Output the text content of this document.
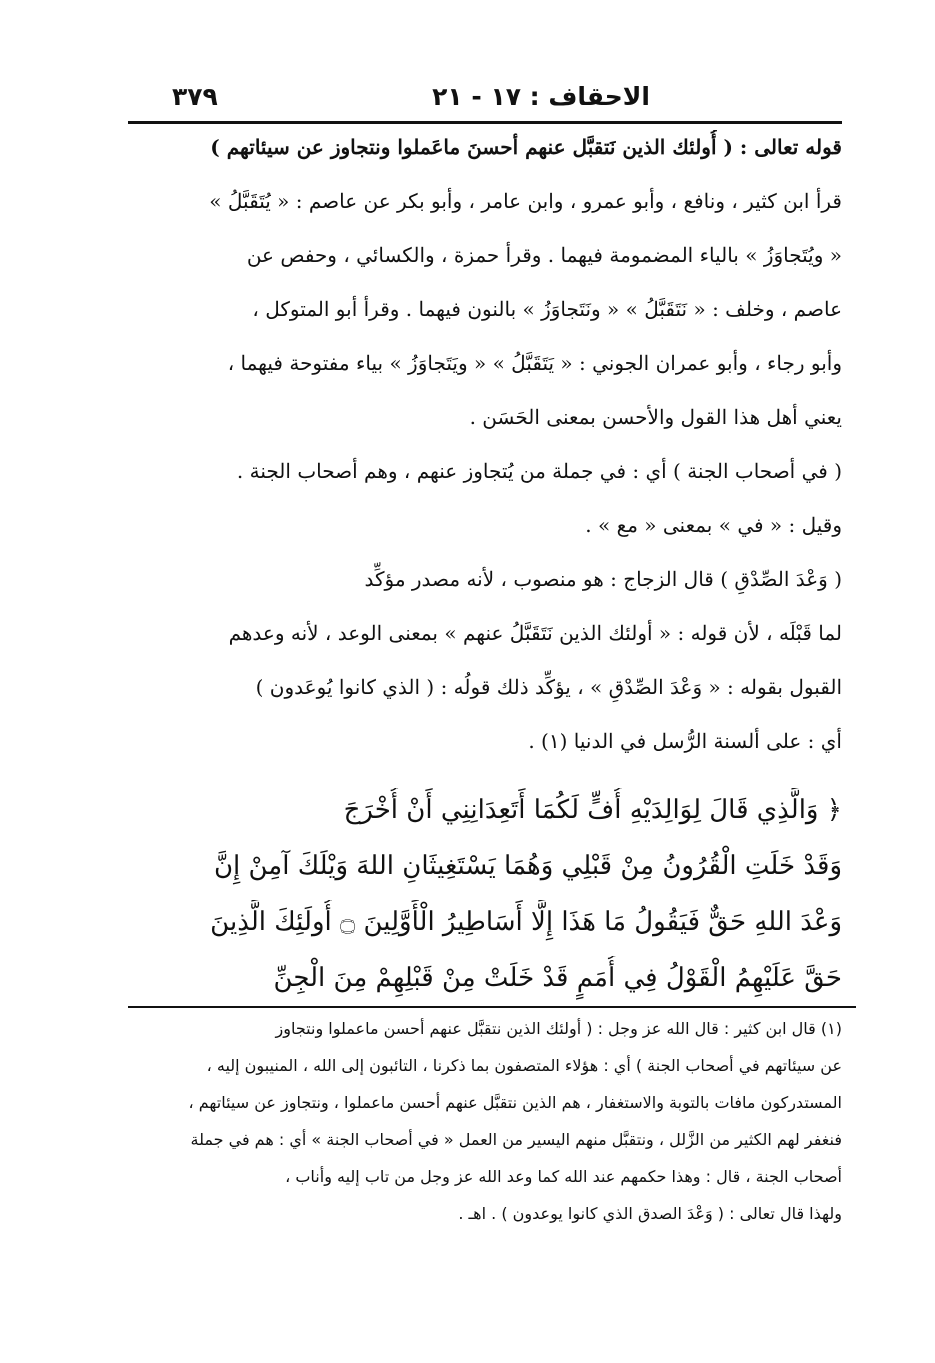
الاحقاف : ١٧ - ٢١
٣٧٩
قوله تعالى : ( أُولئك الذين نَتقبَّل عنهم أحسنَ ماعَملوا ونتجاوز عن سيئاتهم )
قرأ ابن كثير ، ونافع ، وأبو عمرو ، وابن عامر ، وأبو بكر عن عاصم : « يُتَقَبَّلُ »
« ويُتَجاوَزُ » بالياء المضمومة فيهما . وقرأ حمزة ، والكسائي ، وحفص عن
عاصم ، وخلف : « نَتَقَبَّلُ » « ونَتَجاوَزُ » بالنون فيهما . وقرأ أبو المتوكل ،
وأبو رجاء ، وأبو عمران الجوني : « يَتَقَبَّلُ » « ويَتَجاوَزُ » بياء مفتوحة فيهما ،
يعني أهل هذا القول والأحسن بمعنى الحَسَن .
( في أصحاب الجنة ) أي : في جملة من يُتجاوز عنهم ، وهم أصحاب الجنة .
وقيل : « في » بمعنى « مع » .
( وَعْدَ الصِّدْقِ ) قال الزجاج : هو منصوب ، لأنه مصدر مؤكِّد
لما قَبْلَه ، لأن قوله : « أولئك الذين نَتَقَبَّلُ عنهم » بمعنى الوعد ، لأنه وعدهم
القبول بقوله : « وَعْدَ الصِّدْقِ » ، يؤكِّد ذلك قولُه : ( الذي كانوا يُوعَدون )
أي : على ألسنة الرُّسل في الدنيا (١) .
﴿ وَالَّذِي قَالَ لِوَالِدَيْهِ أُفٍّ لَكُمَا أَتَعِدَانِنِي أَنْ أُخْرَجَ
وَقَدْ خَلَتِ الْقُرُونُ مِنْ قَبْلِي وَهُمَا يَسْتَغِيثَانِ اللهَ وَيْلَكَ آمِنْ إِنَّ
وَعْدَ اللهِ حَقٌّ فَيَقُولُ مَا هَذَا إِلَّا أَسَاطِيرُ الْأَوَّلِينَ ۝ أُولَئِكَ الَّذِينَ
حَقَّ عَلَيْهِمُ الْقَوْلُ فِي أُمَمٍ قَدْ خَلَتْ مِنْ قَبْلِهِمْ مِنَ الْجِنِّ
(١) قال ابن كثير : قال الله عز وجل : ( أولئك الذين نتقبَّل عنهم أحسن ماعملوا ونتجاوز
عن سيئاتهم في أصحاب الجنة ) أي : هؤلاء المتصفون بما ذكرنا ، التائبون إلى الله ، المنيبون إليه ،
المستدركون مافات بالتوبة والاستغفار ، هم الذين نتقبَّل عنهم أحسن ماعملوا ، ونتجاوز عن سيئاتهم ،
فنغفر لهم الكثير من الزَّلل ، ونتقبَّل منهم اليسير من العمل « في أصحاب الجنة » أي : هم في جملة
أصحاب الجنة ، قال : وهذا حكمهم عند الله كما وعد الله عز وجل من تاب إليه وأناب ،
ولهذا قال تعالى : ( وَعْدَ الصدق الذي كانوا يوعدون ) . اهـ .
